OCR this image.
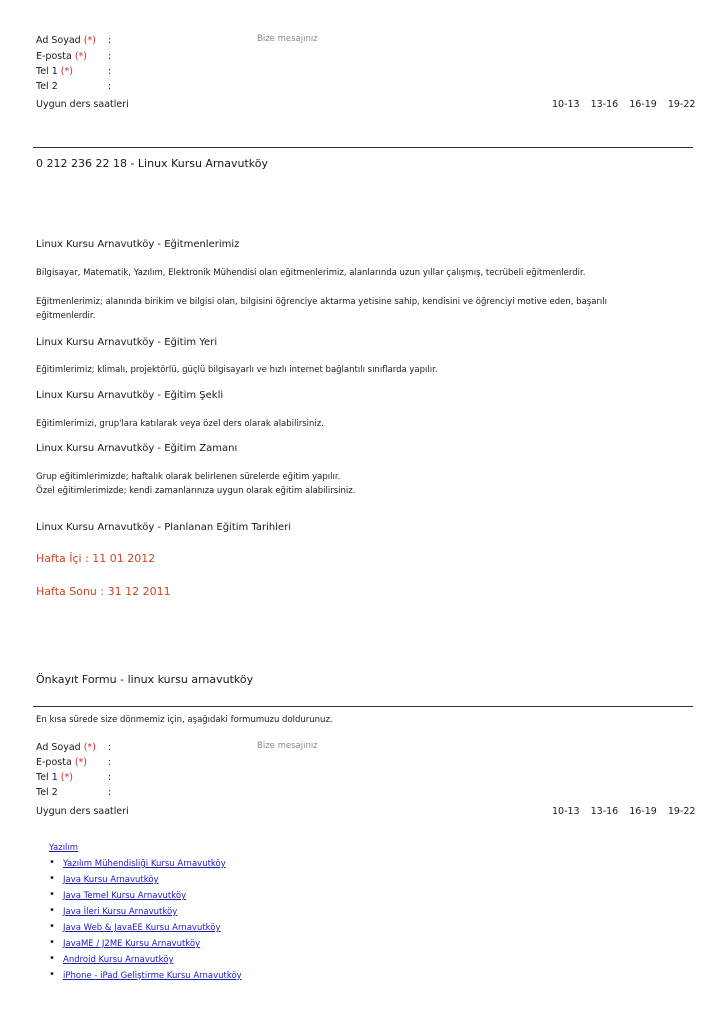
Ad Soyad (*) :	Bize mesajınız
E-posta (*) :
Tel 1 (*)	:
Tel 2	:
Uygun ders saatleri	10-13 13-16 16-19 19-22
0 212 236 22 18 - Linux Kursu Arnavutköy
Linux Kursu Arnavutköy - Eğitmenlerimiz
Bilgisayar, Matematik, Yazılım, Elektronik Mühendisi olan eğitmenlerimiz, alanlarında uzun yıllar çalışmış, tecrübeli eğitmenlerdir.
Eğitmenlerimiz; alanında birikim ve bilgisi olan, bilgisini öğrenciye aktarma yetisine sahip, kendisini ve öğrenciyi motive eden, başarılı
eğitmenlerdir.
Linux Kursu Arnavutköy - Eğitim Yeri
Eğitimlerimiz; klimalı, projektörlü, güçlü bilgisayarlı ve hızlı internet bağlantılı sınıflarda yapılır.
Linux Kursu Arnavutköy - Eğitim Şekli
Eğitimlerimizi, grup'lara katılarak veya özel ders olarak alabilirsiniz.
Linux Kursu Arnavutköy - Eğitim Zamanı
Grup eğitimlerimizde; haftalık olarak belirlenen sürelerde eğitim yapılır.
Özel eğitimlerimizde; kendi zamanlarınıza uygun olarak eğitim alabilirsiniz.
Linux Kursu Arnavutköy - Planlanan Eğitim Tarihleri
Hafta İçi : 11 01 2012
Hafta Sonu : 31 12 2011
Önkayıt Formu - linux kursu arnavutköy
En kısa sürede size dönmemiz için, aşağıdaki formumuzu doldurunuz.
Ad Soyad (*) :	Bize mesajınız
E-posta (*) :
Tel 1 (*)	:
Tel 2	:
Uygun ders saatleri	10-13 13-16 16-19 19-22
Yazılım
• Yazılım Mühendisliği Kursu Arnavutköy
• Java Kursu Arnavutköy
• Java Temel Kursu Arnavutköy
• Java İleri Kursu Arnavutköy
• Java Web & JavaEE Kursu Arnavutköy
• JavaME / J2ME Kursu Arnavutköy
• Android Kursu Arnavutköy
• iPhone - iPad Geliştirme Kursu Arnavutköy
